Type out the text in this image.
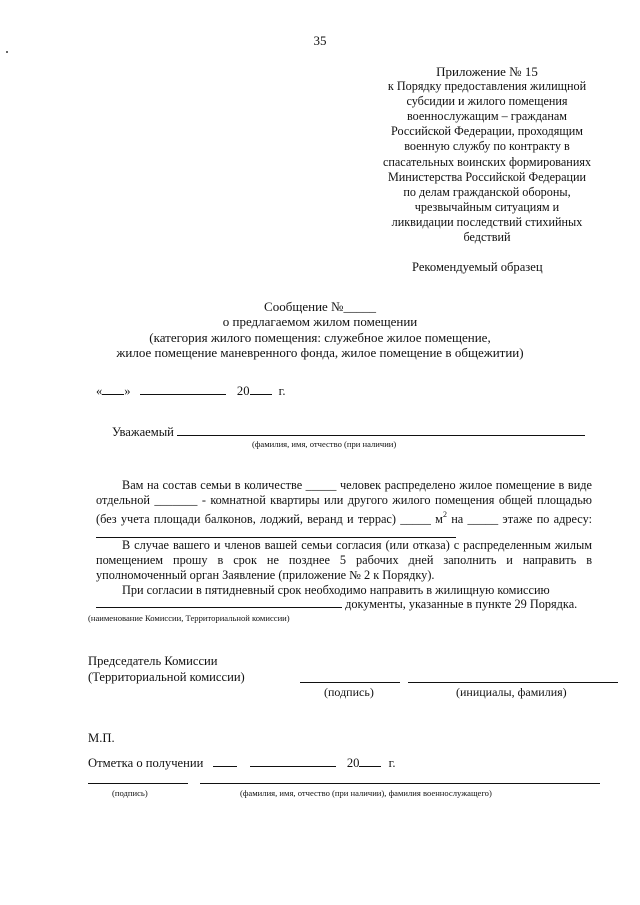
35
Приложение № 15
к Порядку предоставления жилищной
субсидии и жилого помещения
военнослужащим – гражданам
Российской Федерации, проходящим
военную службу по контракту в
спасательных воинских формированиях
Министерства Российской Федерации
по делам гражданской обороны,
чрезвычайным ситуациям и
ликвидации последствий стихийных
бедствий
Рекомендуемый образец
Сообщение №_____
о предлагаемом жилом помещении
(категория жилого помещения: служебное жилое помещение,
жилое помещение маневренного фонда, жилое помещение в общежитии)
« »	20 г.
Уважаемый
(фамилия, имя, отчество (при наличии)
Вам на состав семьи в количестве _____ человек распределено жилое помещение в виде отдельной _______ - комнатной квартиры или другого жилого помещения общей площадью (без учета площади балконов, лоджий, веранд и террас) _____ $м^2$ на _____ этаже по адресу:
В случае вашего и членов вашей семьи согласия (или отказа) с распределенным жилым помещением прошу в срок не позднее 5 рабочих дней заполнить и направить в уполномоченный орган Заявление (приложение № 2 к Порядку).
При согласии в пятидневный срок необходимо направить в жилищную комиссию
документы, указанные в пункте 29 Порядка.
(наименование Комиссии, Территориальной комиссии)
Председатель Комиссии
(Территориальной комиссии)
(подпись)	(инициалы, фамилия)
М.П.
Отметка о получении	20 г.
(подпись)	(фамилия, имя, отчество (при наличии), фамилия военнослужащего)
